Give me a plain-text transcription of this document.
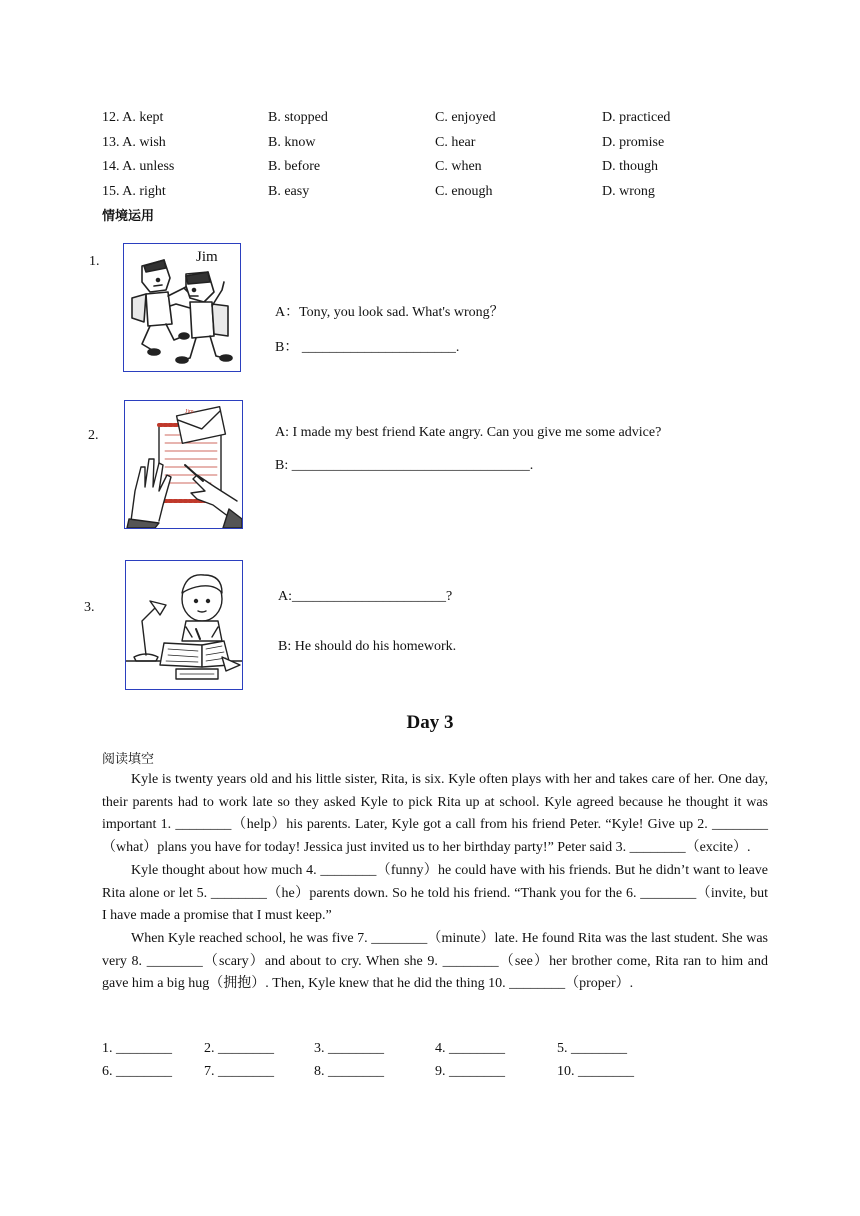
12. A. kept	B. stopped	C. enjoyed	D. practiced
13. A. wish	B. know	C. hear	D. promise
14. A. unless	B. before	C. when	D. though
15. A. right	B. easy	C. enough	D. wrong
情境运用
1.	Jim
A：Tony, you look sad. What's wrong？
B： ______________________.
2.
Jim
A: I made my best friend Kate angry. Can you give me some advice?
B: __________________________________.
3.
A:______________________?
B: He should do his homework.
Day 3
阅读填空

Kyle is twenty years old and his little sister, Rita, is six. Kyle often plays with her and takes care of her. One day, their parents had to work late so they asked Kyle to pick Rita up at school. Kyle agreed because he thought it was important 1. ________（help）his parents. Later, Kyle got a call from his friend Peter. “Kyle! Give up 2. ________（what）plans you have for today! Jessica just invited us to her birthday party!” Peter said 3. ________（excite）.

Kyle thought about how much 4. ________（funny）he could have with his friends. But he didn’t want to leave Rita alone or let 5. ________（he）parents down. So he told his friend. “Thank you for the 6. ________（invite, but I have made a promise that I must keep.”

When Kyle reached school, he was five 7. ________（minute）late. He found Rita was the last student. She was very 8. ________（scary）and about to cry. When she 9. ________（see）her brother come, Rita ran to him and gave him a big hug（拥抱）. Then, Kyle knew that he did the thing 10. ________（proper）.

1. ________ 2. ________	3. ________	4. ________	5. ________
6. ________ 7. ________	8. ________	9. ________	10. ________
